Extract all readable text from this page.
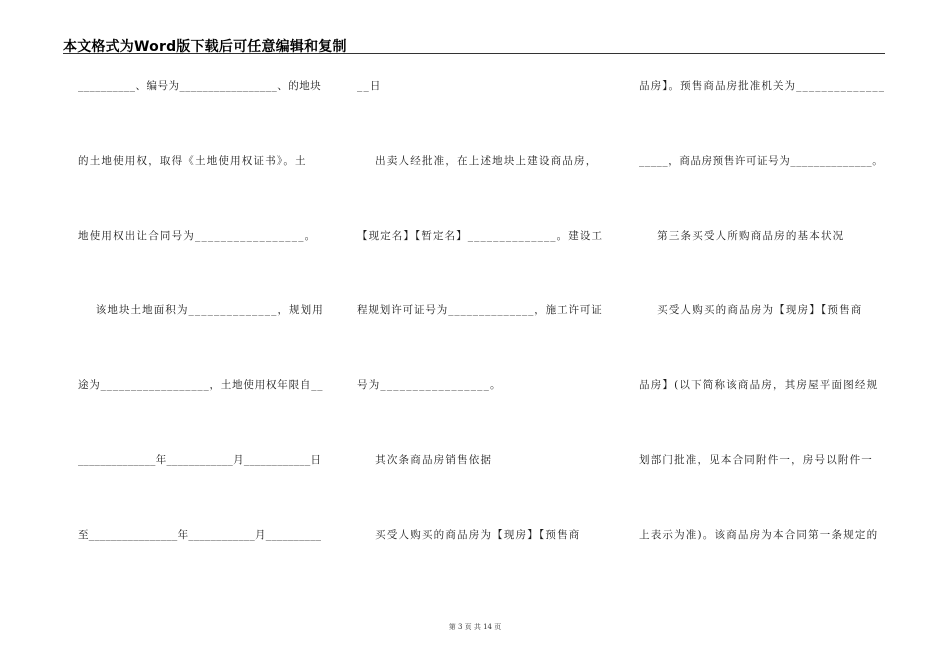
本文格式为Word版下载后可任意编辑和复制
__________、编号为_________________、的地块
的土地使用权，取得《土地使用权证书》。土
地使用权出让合同号为_________________。
该地块土地面积为______________，规划用
途为__________________，土地使用权年限自__
______________年____________月____________日
至________________年____________月__________
__日
出卖人经批准，在上述地块上建设商品房，
【现定名】【暂定名】______________。建设工
程规划许可证号为______________，施工许可证
号为_________________。
其次条商品房销售依据
买受人购买的商品房为【现房】【预售商
品房】。预售商品房批准机关为______________
_____，商品房预售许可证号为______________。
第三条买受人所购商品房的基本状况
买受人购买的商品房为【现房】【预售商
品房】(以下简称该商品房，其房屋平面图经规
划部门批准，见本合同附件一，房号以附件一
上表示为准)。该商品房为本合同第一条规定的
第 3 页 共 14 页
